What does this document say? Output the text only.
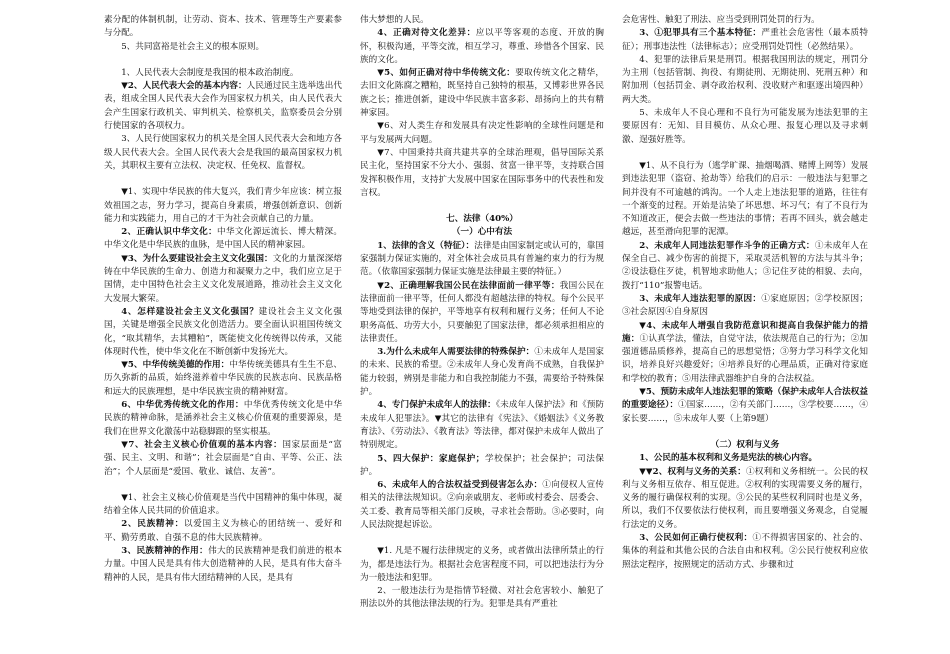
素分配的体制机制，让劳动、资本、技术、管理等生产要素参与分配。

5、共同富裕是社会主义的根本原则。

1、人民代表大会制度是我国的根本政治制度。

▼2、人民代表大会的基本内容：人民通过民主选举选出代表，组成全国人民代表大会作为国家权力机关，由人民代表大会产生国家行政机关、审判机关、检察机关，监察委员会分别行使国家的各项权力。

3、人民行使国家权力的机关是全国人民代表大会和地方各级人民代表大会。全国人民代表大会是我国的最高国家权力机关，其职权主要有立法权、决定权、任免权、监督权。

▼1、实现中华民族的伟大复兴，我们青少年应该：树立报效祖国之志，努力学习，提高自身素质，增强创新意识、创新能力和实践能力，用自己的才干为社会贡献自己的力量。

2、正确认识中华文化：中华文化源远流长、博大精深。中华文化是中华民族的血脉，是中国人民的精神家园。

▼3、为什么要建设社会主义文化强国：文化的力量深深熔铸在中华民族的生命力、创造力和凝聚力之中，我们应立足于国情，走中国特色社会主义文化发展道路，推动社会主义文化大发展大繁荣。

4、怎样建设社会主义文化强国？建设社会主义文化强国，关键是增强全民族文化创造活力。要全面认识祖国传统文化，“取其精华，去其糟粕”，既能使文化传统得以传承，又能体现时代性，使中华文化在不断创新中发扬光大。

▼5、中华传统美德的作用：中华传统美德具有生生不息、历久弥新的品质，始终滋养着中华民族的民族志向、民族品格和远大的民族理想，是中华民族宝贵的精神财富。

6、中华优秀传统文化的作用：中华优秀传统文化是中华民族的精神命脉，是涵养社会主义核心价值观的重要源泉，是我们在世界文化激荡中站稳脚跟的坚实根基。

▼7、社会主义核心价值观的基本内容：国家层面是“富强、民主、文明、和谐”；社会层面是“自由、平等、公正、法治”；个人层面是“爱国、敬业、诚信、友善”。

▼1、社会主义核心价值观是当代中国精神的集中体现，凝结着全体人民共同的价值追求。

2、民族精神：以爱国主义为核心的团结统一、爱好和平、勤劳勇敢、自强不息的伟大民族精神。

3、民族精神的作用：伟大的民族精神是我们前进的根本力量。中国人民是具有伟大创造精神的人民，是具有伟大奋斗精神的人民，是具有伟大团结精神的人民，是具有

伟大梦想的人民。

4、正确对待文化差异：应以平等客观的态度、开放的胸怀，积极沟通，平等交流，相互学习，尊重、珍惜各个国家、民族的文化。

▼5、如何正确对待中华传统文化：要取传统文化之精华，去旧文化陈腐之糟粕，既坚持自己独特的根基，又博彩世界各民族之长；推进创新，建设中华民族丰富多彩、昂扬向上的共有精神家园。

▼6、对人类生存和发展具有决定性影响的全球性问题是和平与发展两大问题。

▼7、中国秉持共商共建共享的全球治理观，倡导国际关系民主化，坚持国家不分大小、强弱、贫富一律平等，支持联合国发挥积极作用，支持扩大发展中国家在国际事务中的代表性和发言权。

七、法律（40%）

（一）心中有法

1、法律的含义（特征）：法律是由国家制定或认可的，靠国家强制力保证实施的，对全体社会成员具有普遍约束力的行为规范。（依靠国家强制力保证实施是法律最主要的特征。）

▼2、正确理解我国公民在法律面前一律平等：我国公民在法律面前一律平等，任何人都没有超越法律的特权。每个公民平等地受到法律的保护，平等地享有权利和履行义务；任何人不论职务高低、功劳大小，只要触犯了国家法律，都必须承担相应的法律责任。

3.为什么未成年人需要法律的特殊保护：①未成年人是国家的未来、民族的希望。②未成年人身心发育尚不成熟，自我保护能力较弱，辨别是非能力和自我控制能力不强，需要给予特殊保护。

4、专门保护未成年人的法律：《未成年人保护法》和《预防未成年人犯罪法》。▼其它的法律有《宪法》、《婚姻法》《义务教育法》、《劳动法》、《教育法》等法律，都对保护未成年人做出了特别规定。

5、四大保护：家庭保护；学校保护；社会保护；司法保护。

6、未成年人的合法权益受到侵害怎么办：①向侵权人宣传相关的法律法规知识。②向亲戚朋友、老师或村委会、居委会、关工委、教育局等相关部门反映，寻求社会帮助。③必要时，向人民法院提起诉讼。

▼1. 凡是不履行法律规定的义务，或者做出法律所禁止的行为，都是违法行为。根据社会危害程度不同，可以把违法行为分为一般违法和犯罪。

2、一般违法行为是指情节轻微、对社会危害较小、触犯了刑法以外的其他法律法规的行为。犯罪是具有严重社

会危害性、触犯了刑法、应当受到刑罚处罚的行为。

3、①犯罪具有三个基本特征：严重社会危害性（最本质特征）；刑事违法性（法律标志）；应受刑罚处罚性（必然结果）。

4、犯罪的法律后果是刑罚。根据我国刑法的规定，刑罚分为主刑（包括管制、拘役、有期徒刑、无期徒刑、死刑五种）和附加刑（包括罚金、剥夺政治权利、没收财产和驱逐出境四种）两大类。

5、未成年人不良心理和不良行为可能发展为违法犯罪的主要原因有：无知、目目模仿、从众心理、报复心理以及寻求刺激、逞强好胜等。

▼1、从不良行为（逃学旷课、抽烟喝酒、赌博上网等）发展到违法犯罪（盗窃、抢劫等）给我们的启示：一般违法与犯罪之间并没有不可逾越的鸿沟。一个人走上违法犯罪的道路，往往有一个渐变的过程。开始是沾染了坏思想、坏习气；有了不良行为不知道改正，便会去做一些违法的事情；若再不回头，就会越走越远，甚至滑向犯罪的泥潭。

2、未成年人同违法犯罪作斗争的正确方式：①未成年人在保全自己、减少伤害的前提下，采取灵活机智的方法与其斗争；②设法稳住歹徒，机智地求助他人；③记住歹徒的相貌、去向，拨打“110”报警电话。

3、未成年人违法犯罪的原因：①家庭原因；②学校原因；③社会原因④自身原因

▼4、未成年人增强自我防范意识和提高自我保护能力的措施：①认真学法，懂法，自觉守法，依法规范自己的行为；②加强道德品质修养，提高自己的思想觉悟；③努力学习科学文化知识，培养良好兴趣爱好；④培养良好的心理品质，正确对待家庭和学校的教育；⑤用法律武器维护自身的合法权益。

▼5、预防未成年人违法犯罪的策略（保护未成年人合法权益的重要途径）：①国家……，②有关部门……，③学校要……，④家长要……，⑤未成年人要（上第9题）

（二）权利与义务

1、公民的基本权利和义务是宪法的核心内容。

▼▼2、权利与义务的关系：①权利和义务相统一。公民的权利与义务相互依存、相互促进。②权利的实现需要义务的履行，义务的履行确保权利的实现。③公民的某些权利同时也是义务，所以，我们不仅要依法行使权利，而且要增强义务观念，自觉履行法定的义务。

3、公民如何正确行使权利：①不得损害国家的、社会的、集体的利益和其他公民的合法自由和权利。②公民行使权利应依照法定程序，按照规定的活动方式、步骤和过
